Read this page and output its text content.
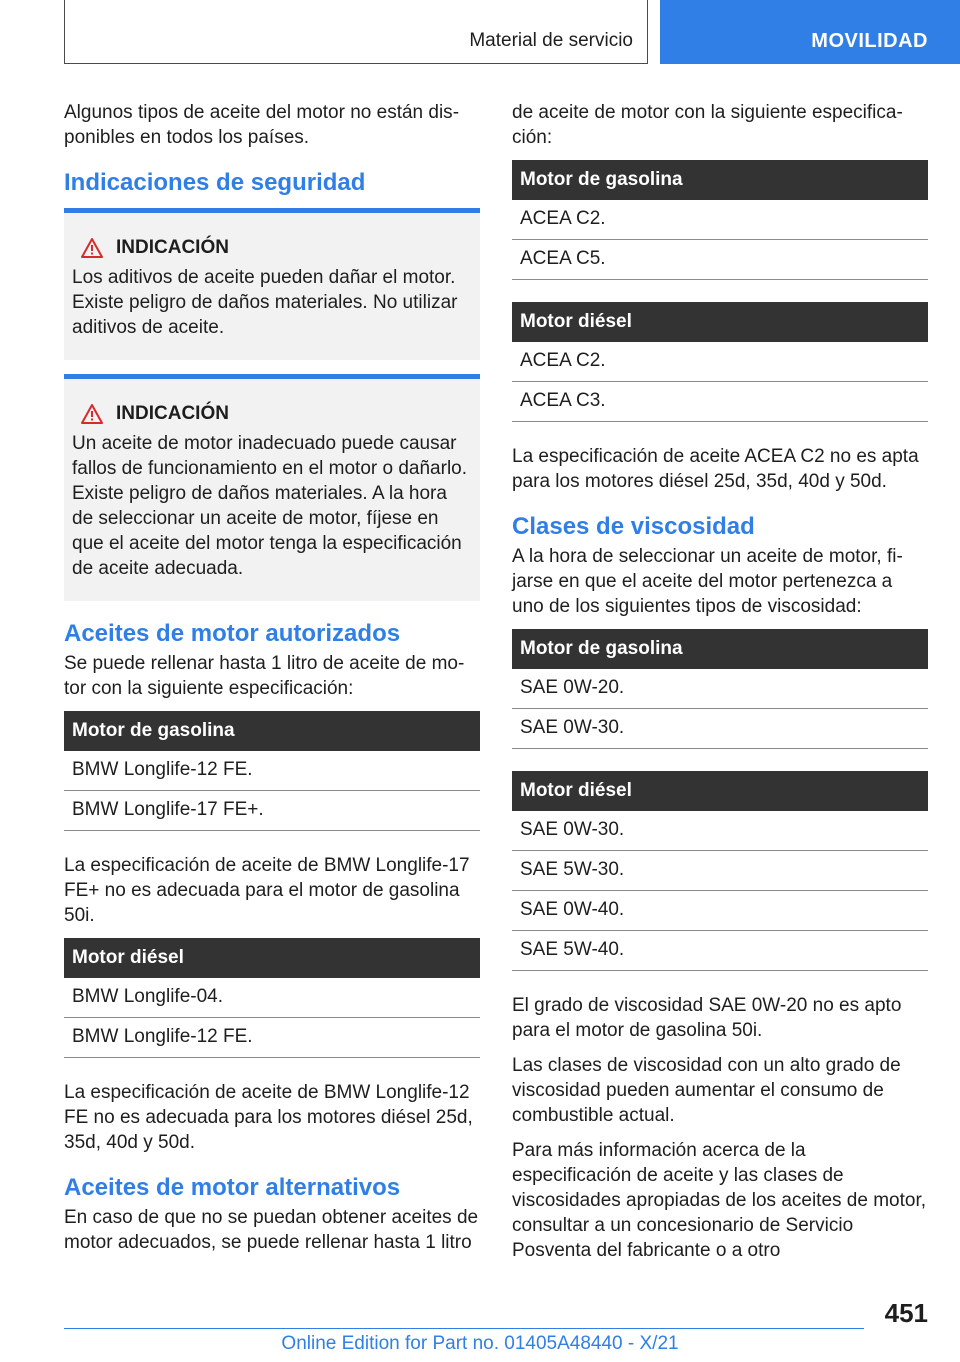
Material de servicio	MOVILIDAD

Algunos tipos de aceite del motor no están disponibles en todos los países.

Indicaciones de seguridad
INDICACIÓN

Los aditivos de aceite pueden dañar el motor. Existe peligro de daños materiales. No utilizar aditivos de aceite.

INDICACIÓN

Un aceite de motor inadecuado puede causar fallos de funcionamiento en el motor o dañarlo. Existe peligro de daños materiales. A la hora de seleccionar un aceite de motor, fíjese en que el aceite del motor tenga la especificación de aceite adecuada.

Aceites de motor autorizados

Se puede rellenar hasta 1 litro de aceite de motor con la siguiente especificación:

Motor de gasolina
BMW Longlife-12 FE.
BMW Longlife-17 FE+.

La especificación de aceite de BMW Longlife-17 FE+ no es adecuada para el motor de gasolina 50i.

Motor diésel
BMW Longlife-04.
BMW Longlife-12 FE.

La especificación de aceite de BMW Longlife-12 FE no es adecuada para los motores diésel 25d, 35d, 40d y 50d.

Aceites de motor alternativos

En caso de que no se puedan obtener aceites de motor adecuados, se puede rellenar hasta 1 litro

de aceite de motor con la siguiente especificación:

Motor de gasolina
ACEA C2.
ACEA C5.
Motor diésel
ACEA C2.
ACEA C3.

La especificación de aceite ACEA C2 no es apta para los motores diésel 25d, 35d, 40d y 50d.

Clases de viscosidad

A la hora de seleccionar un aceite de motor, fijarse en que el aceite del motor pertenezca a uno de los siguientes tipos de viscosidad:

Motor de gasolina
SAE 0W-20.
SAE 0W-30.
Motor diésel
SAE 0W-30.
SAE 5W-30.
SAE 0W-40.
SAE 5W-40.

El grado de viscosidad SAE 0W-20 no es apto para el motor de gasolina 50i.

Las clases de viscosidad con un alto grado de viscosidad pueden aumentar el consumo de combustible actual.

Para más información acerca de la especificación de aceite y las clases de viscosidades apropiadas de los aceites de motor, consultar a un concesionario de Servicio Posventa del fabricante o a otro

451
Online Edition for Part no. 01405A48440 - X/21
